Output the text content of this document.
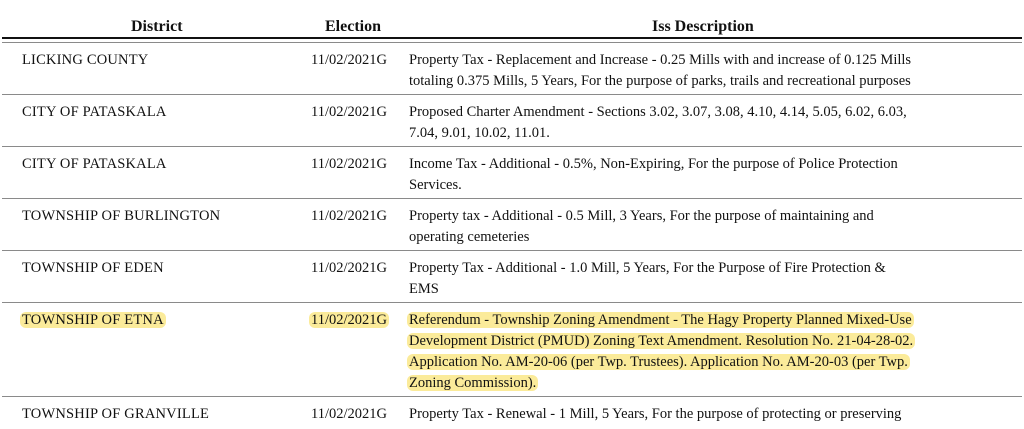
District	Election	Iss Description
LICKING COUNTY	11/02/2021G Property Tax - Replacement and Increase - 0.25 Mills with and increase of 0.125 Mills
totaling 0.375 Mills, 5 Years, For the purpose of parks, trails and recreational purposes
CITY OF PATASKALA	11/02/2021G Proposed Charter Amendment - Sections 3.02, 3.07, 3.08, 4.10, 4.14, 5.05, 6.02, 6.03,
7.04, 9.01, 10.02, 11.01.
CITY OF PATASKALA	11/02/2021G Income Tax - Additional - 0.5%, Non-Expiring, For the purpose of Police Protection
Services.
TOWNSHIP OF BURLINGTON	11/02/2021G Property tax - Additional - 0.5 Mill, 3 Years, For the purpose of maintaining and
operating cemeteries
TOWNSHIP OF EDEN	11/02/2021G Property Tax - Additional - 1.0 Mill, 5 Years, For the Purpose of Fire Protection &
EMS
TOWNSHIP OF ETNA	11/02/2021G Referendum - Township Zoning Amendment - The Hagy Property Planned Mixed-Use
Development District (PMUD) Zoning Text Amendment. Resolution No. 21-04-28-02.
Application No. AM-20-06 (per Twp. Trustees). Application No. AM-20-03 (per Twp.
Zoning Commission).
TOWNSHIP OF GRANVILLE	11/02/2021G Property Tax - Renewal - 1 Mill, 5 Years, For the purpose of protecting or preserving
